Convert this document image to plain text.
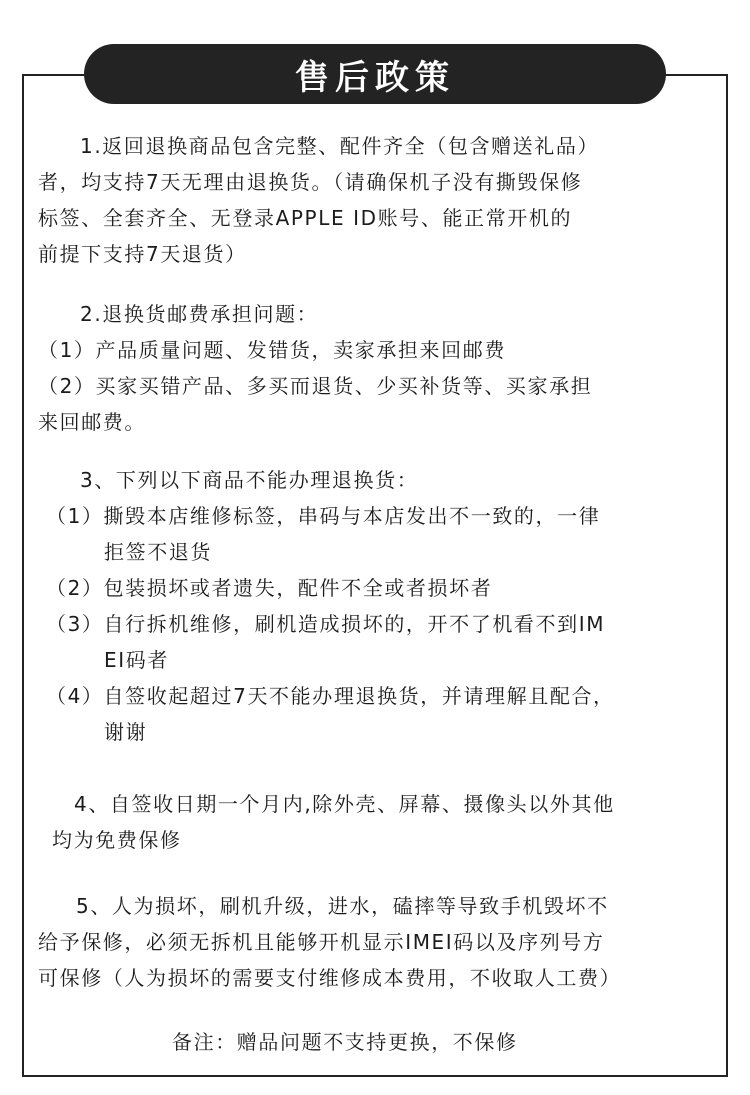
售后政策

1.返回退换商品包含完整、配件齐全（包含赠送礼品）

者，均支持7天无理由退换货。（请确保机子没有撕毁保修

标签、全套齐全、无登录APPLE ID账号、能正常开机的

前提下支持7天退货）

2.退换货邮费承担问题：

（1）产品质量问题、发错货，卖家承担来回邮费

（2）买家买错产品、多买而退货、少买补货等、买家承担

来回邮费。

3、下列以下商品不能办理退换货：

（1）撕毁本店维修标签，串码与本店发出不一致的，一律

拒签不退货

（2）包装损坏或者遗失，配件不全或者损坏者

（3）自行拆机维修，刷机造成损坏的，开不了机看不到IM

EI码者

（4）自签收起超过7天不能办理退换货，并请理解且配合，

谢谢

4、自签收日期一个月内,除外壳、屏幕、摄像头以外其他

均为免费保修

5、人为损坏，刷机升级，进水，磕摔等导致手机毁坏不

给予保修，必须无拆机且能够开机显示IMEI码以及序列号方

可保修（人为损坏的需要支付维修成本费用，不收取人工费）

备注：赠品问题不支持更换，不保修
